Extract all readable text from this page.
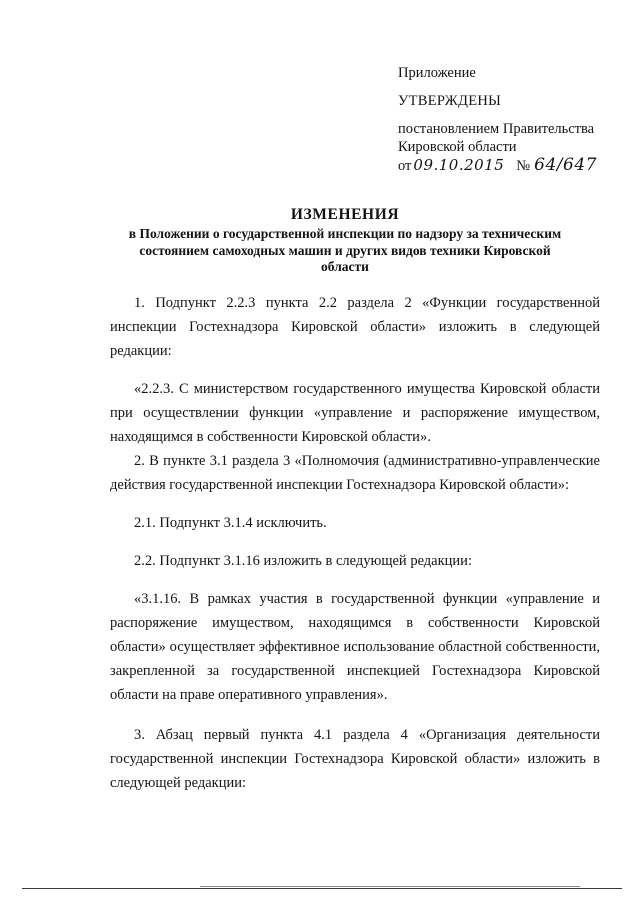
Приложение

УТВЕРЖДЕНЫ

постановлением Правительства Кировской области
от 09.10.2015 № 64/647
ИЗМЕНЕНИЯ
в Положении о государственной инспекции по надзору за техническим состоянием самоходных машин и других видов техники Кировской области

1. Подпункт 2.2.3 пункта 2.2 раздела 2 «Функции государственной инспекции Гостехнадзора Кировской области» изложить в следующей редакции:

«2.2.3. С министерством государственного имущества Кировской области при осуществлении функции «управление и распоряжение имуществом, находящимся в собственности Кировской области».

2. В пункте 3.1 раздела 3 «Полномочия (административно-управленческие действия государственной инспекции Гостехнадзора Кировской области»:

2.1. Подпункт 3.1.4 исключить.

2.2. Подпункт 3.1.16 изложить в следующей редакции:

«3.1.16. В рамках участия в государственной функции «управление и распоряжение имуществом, находящимся в собственности Кировской области» осуществляет эффективное использование областной собственности, закрепленной за государственной инспекцией Гостехнадзора Кировской области на праве оперативного управления».

3. Абзац первый пункта 4.1 раздела 4 «Организация деятельности государственной инспекции Гостехнадзора Кировской области» изложить в следующей редакции:
